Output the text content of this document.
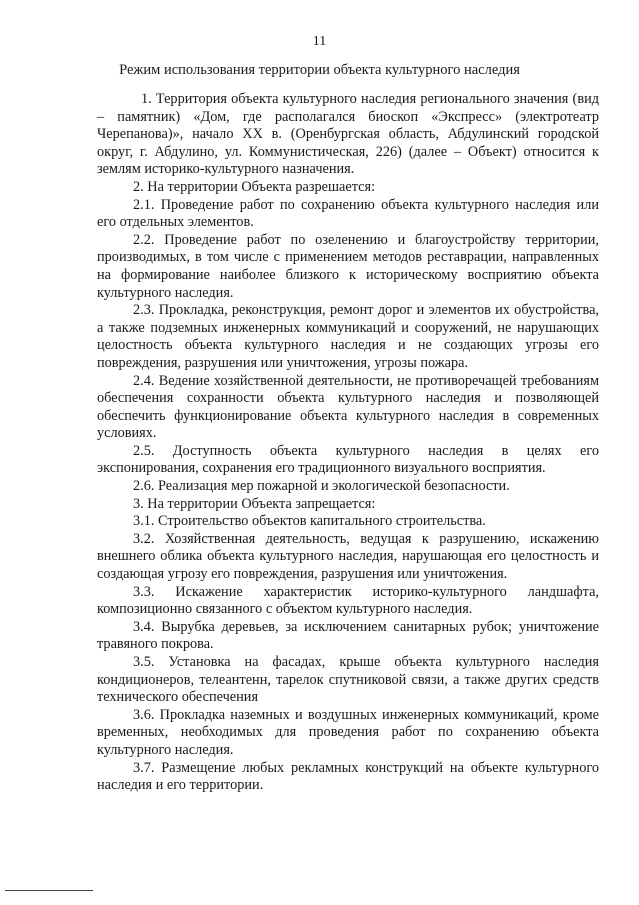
11
Режим использования территории объекта культурного наследия

1. Территория объекта культурного наследия регионального значения (вид – памятник) «Дом, где располагался биоскоп «Экспресс» (электротеатр Черепанова)», начало XX в. (Оренбургская область, Абдулинский городской округ, г. Абдулино, ул. Коммунистическая, 226) (далее – Объект) относится к землям историко-культурного назначения.

2. На территории Объекта разрешается:

2.1. Проведение работ по сохранению объекта культурного наследия или его отдельных элементов.

2.2. Проведение работ по озеленению и благоустройству территории, производимых, в том числе с применением методов реставрации, направленных на формирование наиболее близкого к историческому восприятию объекта культурного наследия.

2.3. Прокладка, реконструкция, ремонт дорог и элементов их обустройства, а также подземных инженерных коммуникаций и сооружений, не нарушающих целостность объекта культурного наследия и не создающих угрозы его повреждения, разрушения или уничтожения, угрозы пожара.

2.4. Ведение хозяйственной деятельности, не противоречащей требованиям обеспечения сохранности объекта культурного наследия и позволяющей обеспечить функционирование объекта культурного наследия в современных условиях.

2.5. Доступность объекта культурного наследия в целях его экспонирования, сохранения его традиционного визуального восприятия.

2.6. Реализация мер пожарной и экологической безопасности.

3. На территории Объекта запрещается:

3.1. Строительство объектов капитального строительства.

3.2. Хозяйственная деятельность, ведущая к разрушению, искажению внешнего облика объекта культурного наследия, нарушающая его целостность и создающая угрозу его повреждения, разрушения или уничтожения.

3.3. Искажение характеристик историко-культурного ландшафта, композиционно связанного с объектом культурного наследия.

3.4. Вырубка деревьев, за исключением санитарных рубок; уничтожение травяного покрова.

3.5. Установка на фасадах, крыше объекта культурного наследия кондиционеров, телеантенн, тарелок спутниковой связи, а также других средств технического обеспечения

3.6. Прокладка наземных и воздушных инженерных коммуникаций, кроме временных, необходимых для проведения работ по сохранению объекта культурного наследия.

3.7. Размещение любых рекламных конструкций на объекте культурного наследия и его территории.
